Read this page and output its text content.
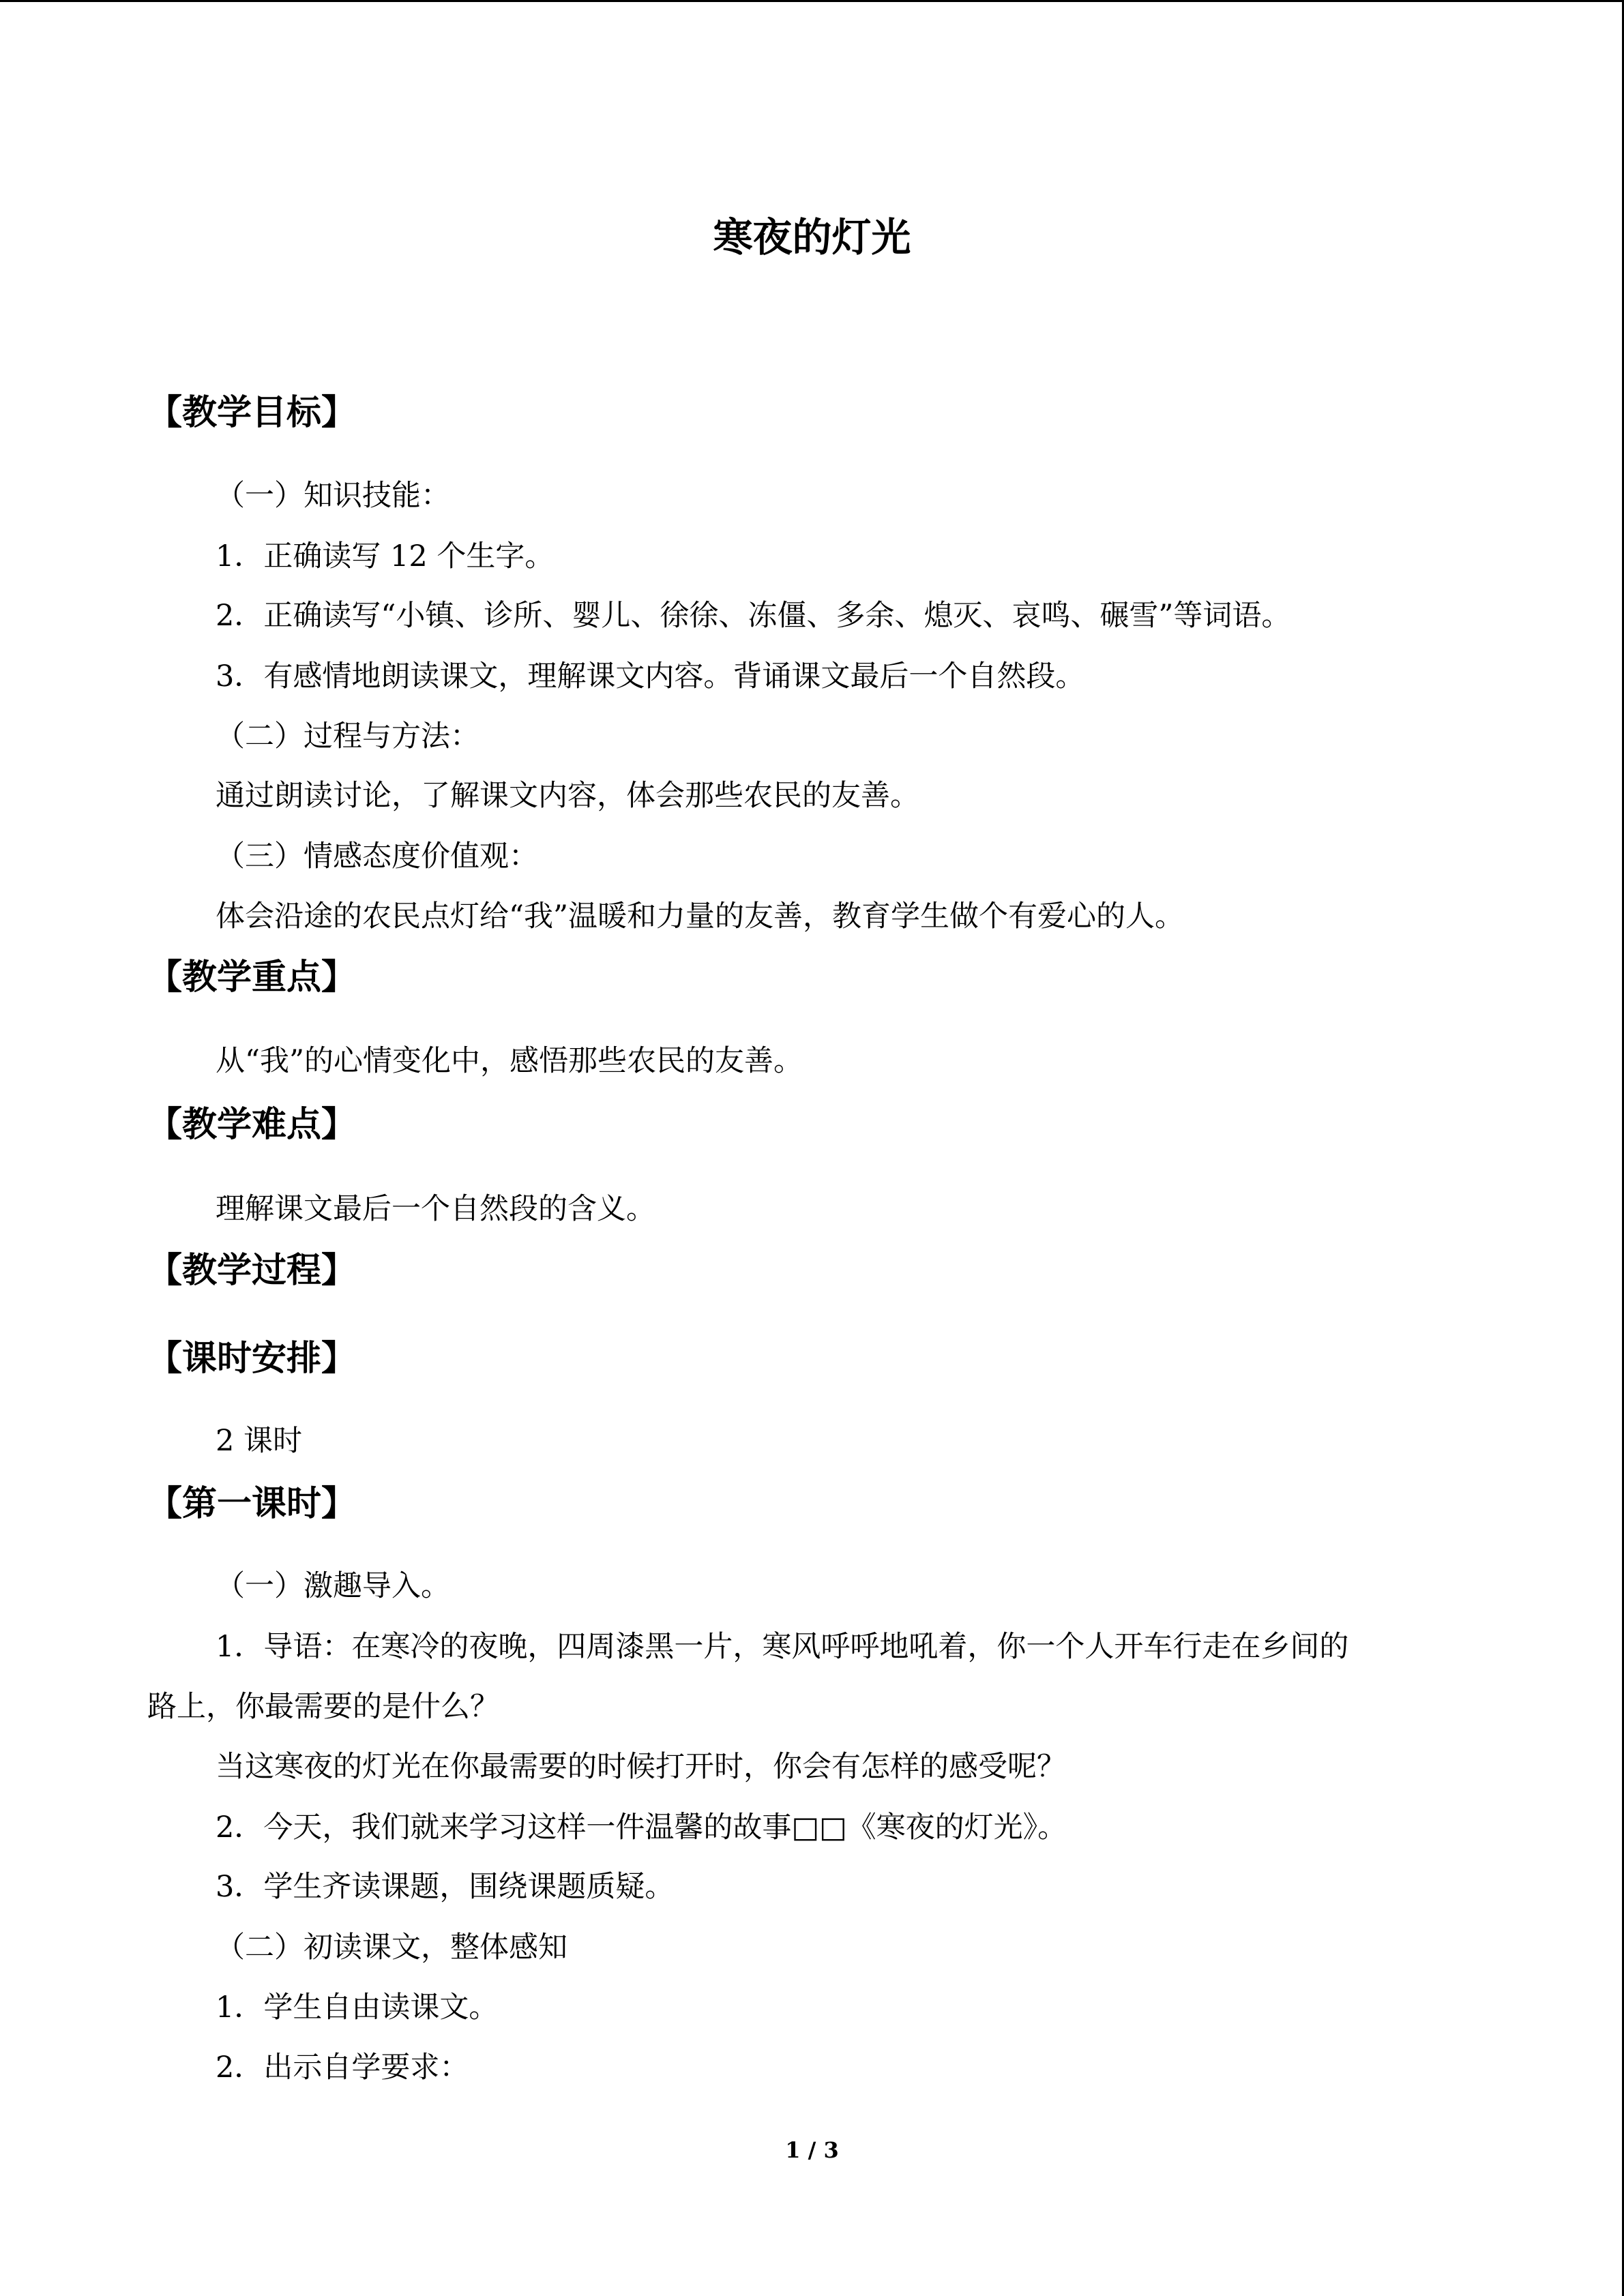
寒夜的灯光
【教学目标】
（一）知识技能：
1．正确读写 12 个生字。
2．正确读写“小镇、诊所、婴儿、徐徐、冻僵、多余、熄灭、哀鸣、碾雪”等词语。
3．有感情地朗读课文，理解课文内容。背诵课文最后一个自然段。
（二）过程与方法：
通过朗读讨论，了解课文内容，体会那些农民的友善。
（三）情感态度价值观：
体会沿途的农民点灯给“我”温暖和力量的友善，教育学生做个有爱心的人。
【教学重点】
从“我”的心情变化中，感悟那些农民的友善。
【教学难点】
理解课文最后一个自然段的含义。
【教学过程】
【课时安排】
2 课时
【第一课时】
（一）激趣导入。
1．导语：在寒冷的夜晚，四周漆黑一片，寒风呼呼地吼着，你一个人开车行走在乡间的
路上，你最需要的是什么？
当这寒夜的灯光在你最需要的时候打开时，你会有怎样的感受呢？
2．今天，我们就来学习这样一件温馨的故事□□《寒夜的灯光》。
3．学生齐读课题，围绕课题质疑。
（二）初读课文，整体感知
1．学生自由读课文。
2．出示自学要求：
1 / 3
